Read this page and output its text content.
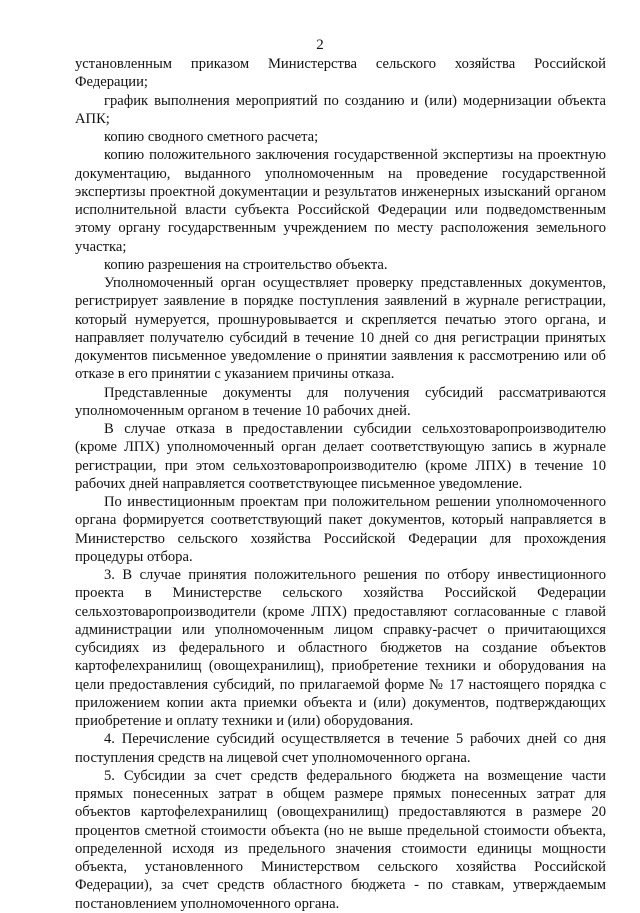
2

установленным приказом Министерства сельского хозяйства Российской Федерации;

график выполнения мероприятий по созданию и (или) модернизации объекта АПК;

копию сводного сметного расчета;

копию положительного заключения государственной экспертизы на проектную документацию, выданного уполномоченным на проведение государственной экспертизы проектной документации и результатов инженерных изысканий органом исполнительной власти субъекта Российской Федерации или подведомственным этому органу государственным учреждением по месту расположения земельного участка;

копию разрешения на строительство объекта.

Уполномоченный орган осуществляет проверку представленных документов, регистрирует заявление в порядке поступления заявлений в журнале регистрации, который нумеруется, прошнуровывается и скрепляется печатью этого органа, и направляет получателю субсидий в течение 10 дней со дня регистрации принятых документов письменное уведомление о принятии заявления к рассмотрению или об отказе в его принятии с указанием причины отказа.

Представленные документы для получения субсидий рассматриваются уполномоченным органом в течение 10 рабочих дней.

В случае отказа в предоставлении субсидии сельхозтоваропроизводителю (кроме ЛПХ) уполномоченный орган делает соответствующую запись в журнале регистрации, при этом сельхозтоваропроизводителю (кроме ЛПХ) в течение 10 рабочих дней направляется соответствующее письменное уведомление.

По инвестиционным проектам при положительном решении уполномоченного органа формируется соответствующий пакет документов, который направляется в Министерство сельского хозяйства Российской Федерации для прохождения процедуры отбора.

3. В случае принятия положительного решения по отбору инвестиционного проекта в Министерстве сельского хозяйства Российской Федерации сельхозтоваропроизводители (кроме ЛПХ) предоставляют согласованные с главой администрации или уполномоченным лицом справку-расчет о причитающихся субсидиях из федерального и областного бюджетов на создание объектов картофелехранилищ (овощехранилищ), приобретение техники и оборудования на цели предоставления субсидий, по прилагаемой форме № 17 настоящего порядка с приложением копии акта приемки объекта и (или) документов, подтверждающих приобретение и оплату техники и (или) оборудования.

4. Перечисление субсидий осуществляется в течение 5 рабочих дней со дня поступления средств на лицевой счет уполномоченного органа.

5. Субсидии за счет средств федерального бюджета на возмещение части прямых понесенных затрат в общем размере прямых понесенных затрат для объектов картофелехранилищ (овощехранилищ) предоставляются в размере 20 процентов сметной стоимости объекта (но не выше предельной стоимости объекта, определенной исходя из предельного значения стоимости единицы мощности объекта, установленного Министерством сельского хозяйства Российской Федерации), за счет средств областного бюджета - по ставкам, утверждаемым постановлением уполномоченного органа.
